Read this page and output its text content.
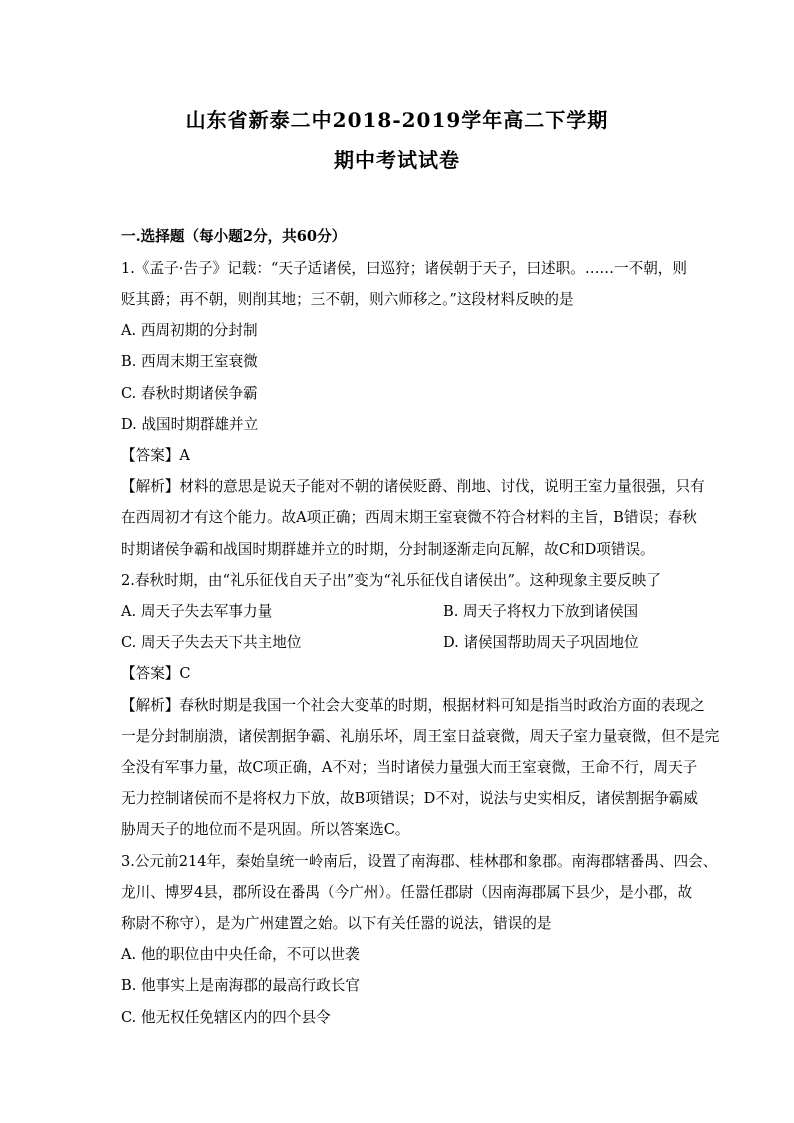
山东省新泰二中2018-2019学年高二下学期
期中考试试卷
一.选择题（每小题2分，共60分）
1.《孟子·告子》记载：“天子适诸侯，曰巡狩；诸侯朝于天子，曰述职。……一不朝，则
贬其爵；再不朝，则削其地；三不朝，则六师移之。”这段材料反映的是
A. 西周初期的分封制
B. 西周末期王室衰微
C. 春秋时期诸侯争霸
D. 战国时期群雄并立
【答案】A
【解析】材料的意思是说天子能对不朝的诸侯贬爵、削地、讨伐，说明王室力量很强，只有
在西周初才有这个能力。故A项正确；西周末期王室衰微不符合材料的主旨，B错误；春秋
时期诸侯争霸和战国时期群雄并立的时期，分封制逐渐走向瓦解，故C和D项错误。
2.春秋时期，由“礼乐征伐自天子出”变为“礼乐征伐自诸侯出”。这种现象主要反映了
A. 周天子失去军事力量	B. 周天子将权力下放到诸侯国
C. 周天子失去天下共主地位	D. 诸侯国帮助周天子巩固地位
【答案】C
【解析】春秋时期是我国一个社会大变革的时期，根据材料可知是指当时政治方面的表现之
一是分封制崩溃，诸侯割据争霸、礼崩乐坏，周王室日益衰微，周天子室力量衰微，但不是完
全没有军事力量，故C项正确，A不对；当时诸侯力量强大而王室衰微，王命不行，周天子
无力控制诸侯而不是将权力下放，故B项错误；D不对，说法与史实相反，诸侯割据争霸威
胁周天子的地位而不是巩固。所以答案选C。
3.公元前214年，秦始皇统一岭南后，设置了南海郡、桂林郡和象郡。南海郡辖番禺、四会、
龙川、博罗4县，郡所设在番禺（今广州）。任嚣任郡尉（因南海郡属下县少，是小郡，故
称尉不称守），是为广州建置之始。以下有关任嚣的说法，错误的是
A. 他的职位由中央任命，不可以世袭
B. 他事实上是南海郡的最高行政长官
C. 他无权任免辖区内的四个县令
